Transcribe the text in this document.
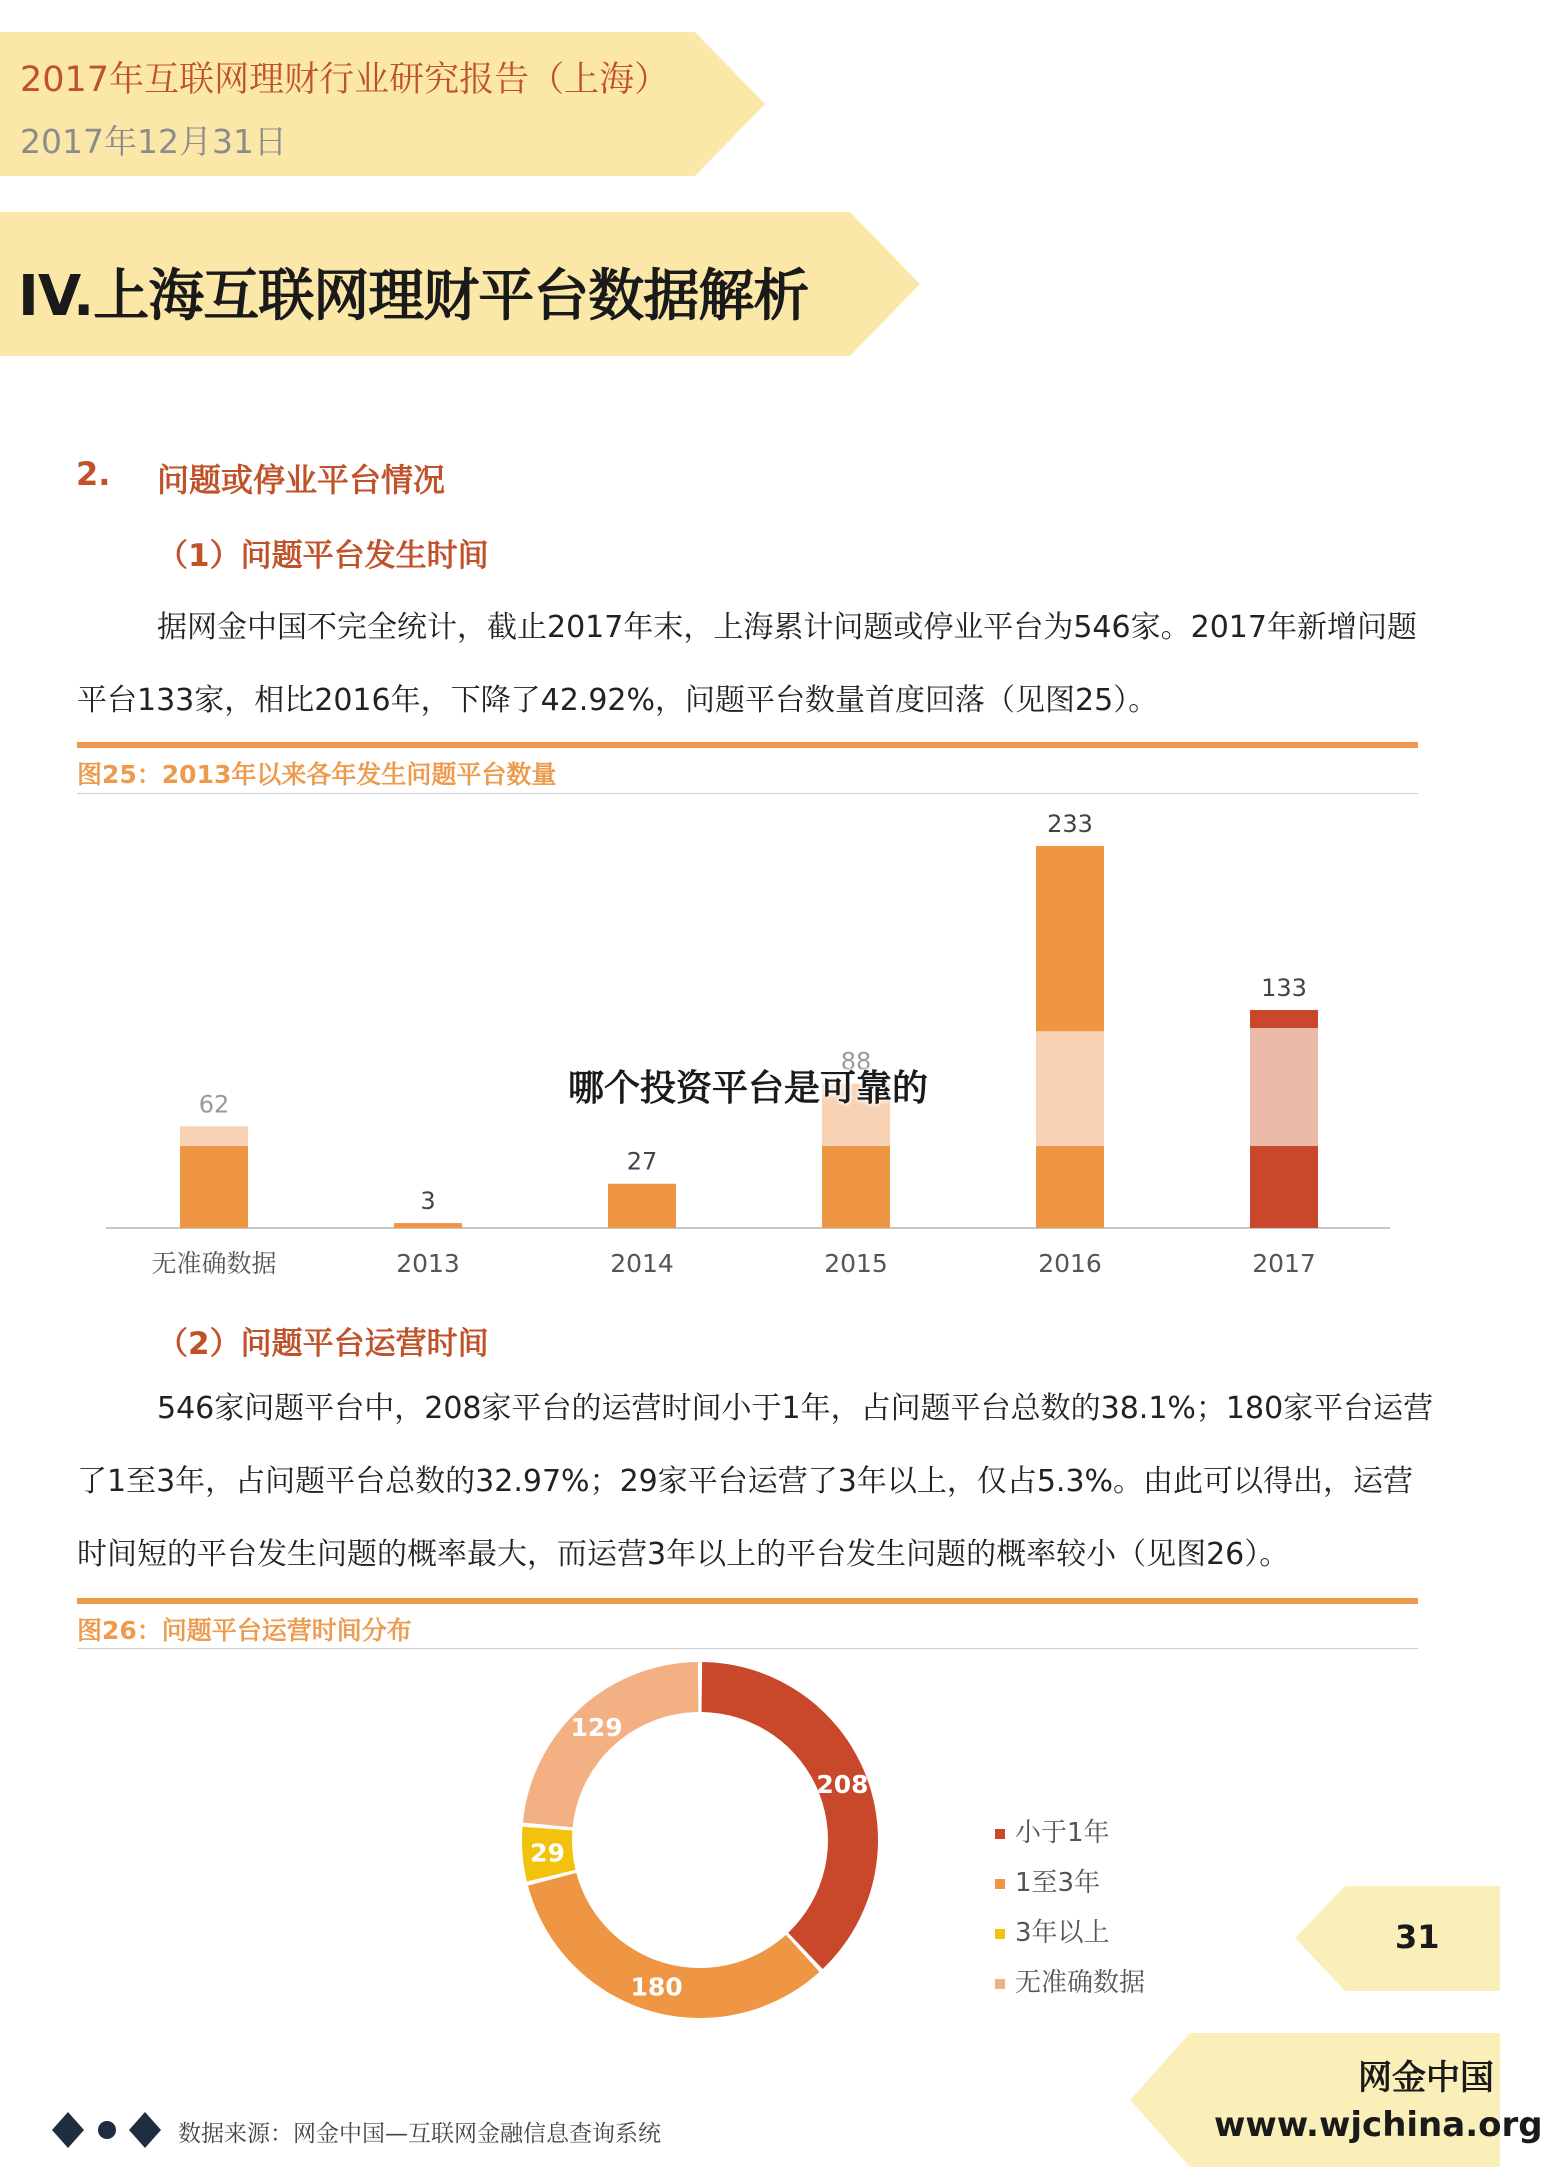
2017年互联网理财行业研究报告（上海）
2017年12月31日
IV.上海互联网理财平台数据解析
2. 问题或停业平台情况
（1）问题平台发生时间

据网金中国不完全统计，截止2017年末，上海累计问题或停业平台为546家。2017年新增问题平台133家，相比2016年，下降了42.92%，问题平台数量首度回落（见图25）。

图25：2013年以来各年发生问题平台数量
62
无准确数据
3
2013
27
2014
88
2015
233
2016
133
2017
哪个投资平台是可靠的
（2）问题平台运营时间

546家问题平台中，208家平台的运营时间小于1年，占问题平台总数的38.1%；180家平台运营了1至3年，占问题平台总数的32.97%；29家平台运营了3年以上，仅占5.3%。由此可以得出，运营时间短的平台发生问题的概率最大，而运营3年以上的平台发生问题的概率较小（见图26）。

图26：问题平台运营时间分布
208
180
29
129
小于1年
1至3年
3年以上
无准确数据
31
网金中国
www.wjchina.org
数据来源：网金中国—互联网金融信息查询系统
